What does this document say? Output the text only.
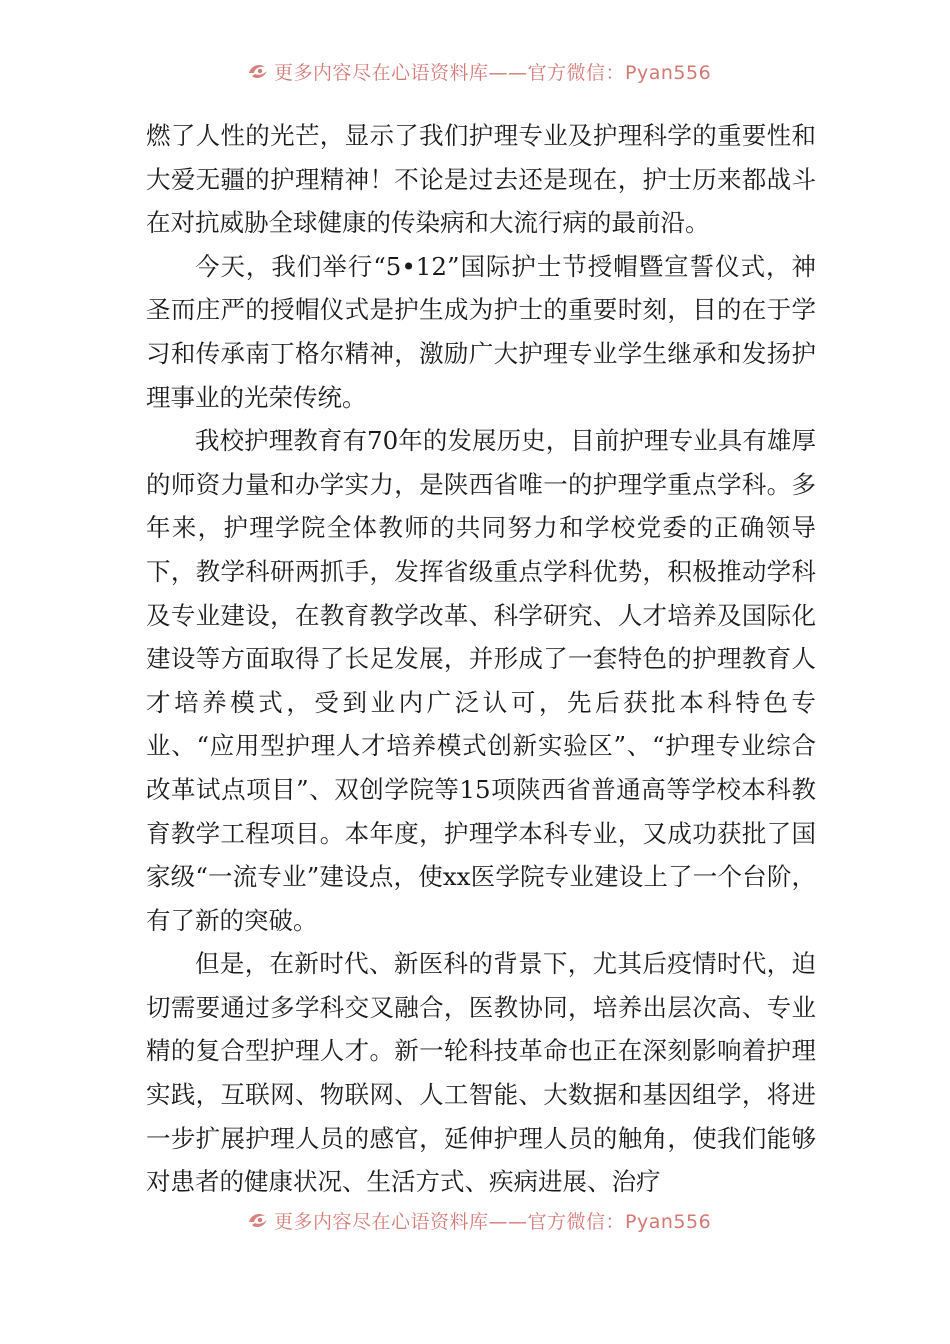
更多内容尽在心语资料库——官方微信：Pyan556

燃了人性的光芒，显示了我们护理专业及护理科学的重要性和大爱无疆的护理精神！不论是过去还是现在，护士历来都战斗在对抗威胁全球健康的传染病和大流行病的最前沿。

今天，我们举行“5•12”国际护士节授帽暨宣誓仪式，神圣而庄严的授帽仪式是护生成为护士的重要时刻，目的在于学习和传承南丁格尔精神，激励广大护理专业学生继承和发扬护理事业的光荣传统。

我校护理教育有70年的发展历史，目前护理专业具有雄厚的师资力量和办学实力，是陕西省唯一的护理学重点学科。多年来，护理学院全体教师的共同努力和学校党委的正确领导下，教学科研两抓手，发挥省级重点学科优势，积极推动学科及专业建设，在教育教学改革、科学研究、人才培养及国际化建设等方面取得了长足发展，并形成了一套特色的护理教育人才培养模式，受到业内广泛认可，先后获批本科特色专业、“应用型护理人才培养模式创新实验区”、“护理专业综合改革试点项目”、双创学院等15项陕西省普通高等学校本科教育教学工程项目。本年度，护理学本科专业，又成功获批了国家级“一流专业”建设点，使xx医学院专业建设上了一个台阶，有了新的突破。

但是，在新时代、新医科的背景下，尤其后疫情时代，迫切需要通过多学科交叉融合，医教协同，培养出层次高、专业精的复合型护理人才。新一轮科技革命也正在深刻影响着护理实践，互联网、物联网、人工智能、大数据和基因组学，将进一步扩展护理人员的感官，延伸护理人员的触角，使我们能够对患者的健康状况、生活方式、疾病进展、治疗

更多内容尽在心语资料库——官方微信：Pyan556
